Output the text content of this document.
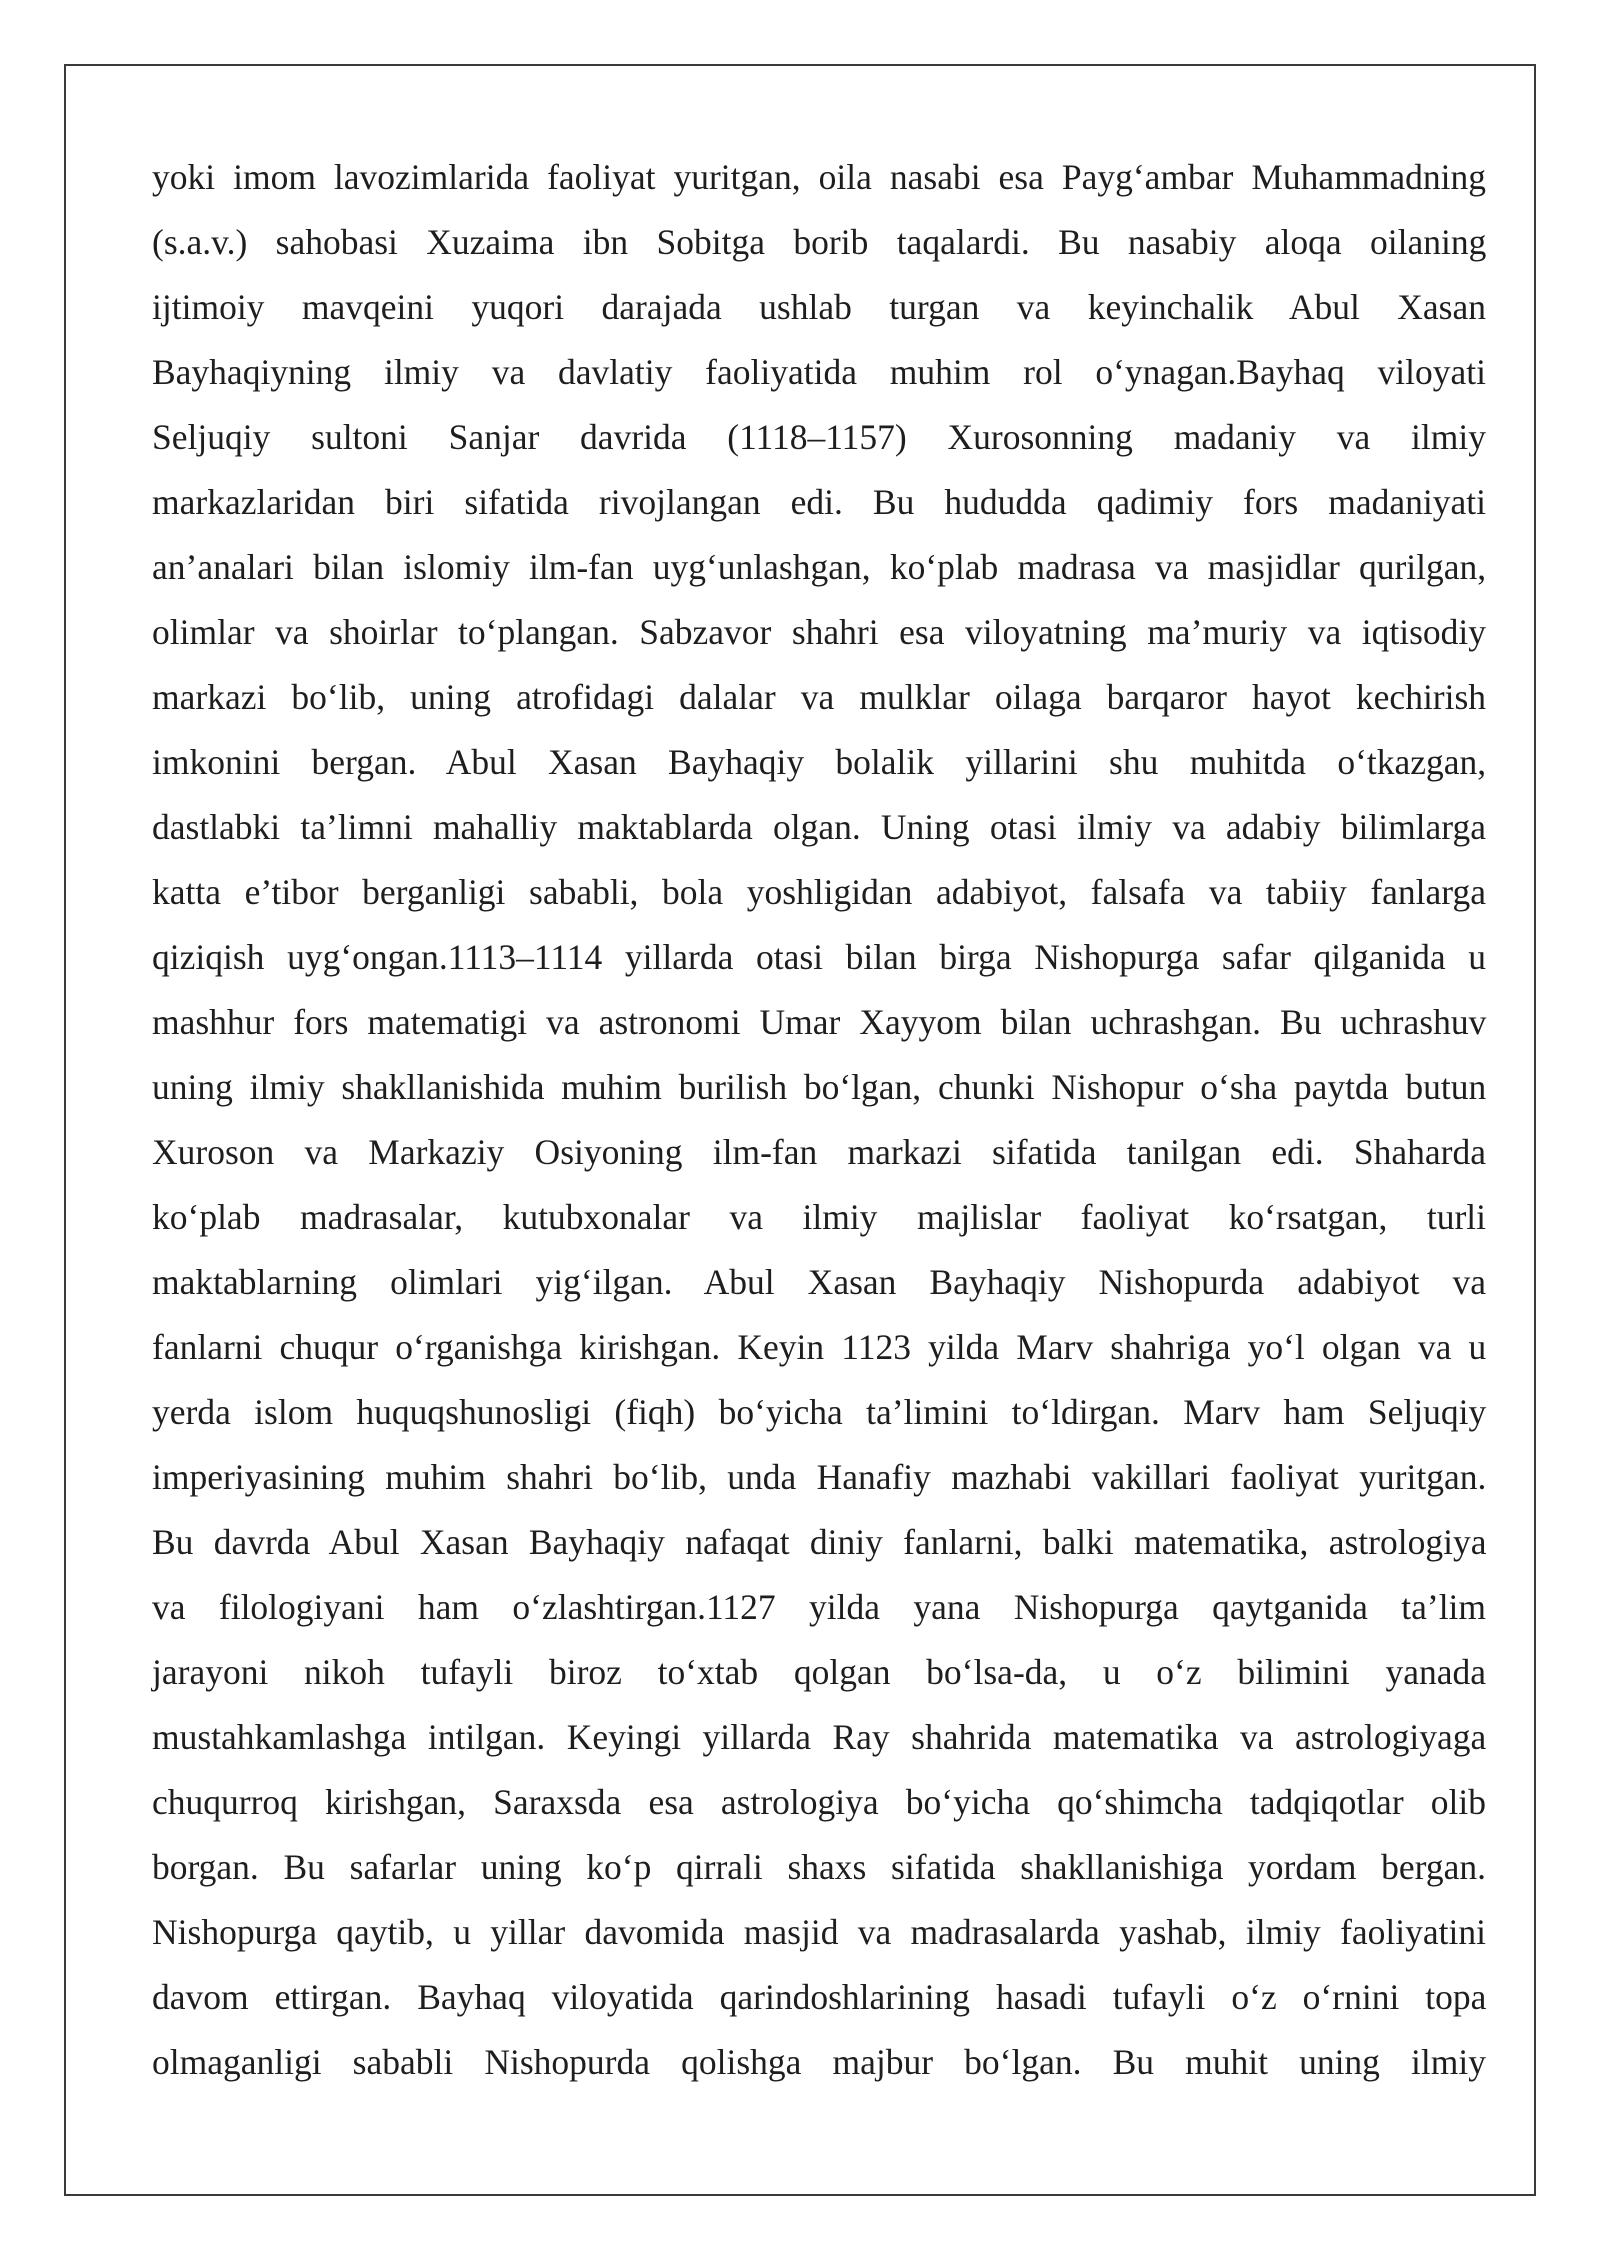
yoki imom lavozimlarida faoliyat yuritgan, oila nasabi esa Payg‘ambar Muhammadning
(s.a.v.) sahobasi Xuzaima ibn Sobitga borib taqalardi. Bu nasabiy aloqa oilaning
ijtimoiy mavqeini yuqori darajada ushlab turgan va keyinchalik Abul Xasan
Bayhaqiyning ilmiy va davlatiy faoliyatida muhim rol o‘ynagan.Bayhaq viloyati
Seljuqiy sultoni Sanjar davrida (1118–1157) Xurosonning madaniy va ilmiy
markazlaridan biri sifatida rivojlangan edi. Bu hududda qadimiy fors madaniyati
an’analari bilan islomiy ilm-fan uyg‘unlashgan, ko‘plab madrasa va masjidlar qurilgan,
olimlar va shoirlar to‘plangan. Sabzavor shahri esa viloyatning ma’muriy va iqtisodiy
markazi bo‘lib, uning atrofidagi dalalar va mulklar oilaga barqaror hayot kechirish
imkonini bergan. Abul Xasan Bayhaqiy bolalik yillarini shu muhitda o‘tkazgan,
dastlabki ta’limni mahalliy maktablarda olgan. Uning otasi ilmiy va adabiy bilimlarga
katta e’tibor berganligi sababli, bola yoshligidan adabiyot, falsafa va tabiiy fanlarga
qiziqish uyg‘ongan.1113–1114 yillarda otasi bilan birga Nishopurga safar qilganida u
mashhur fors matematigi va astronomi Umar Xayyom bilan uchrashgan. Bu uchrashuv
uning ilmiy shakllanishida muhim burilish bo‘lgan, chunki Nishopur o‘sha paytda butun
Xuroson va Markaziy Osiyoning ilm-fan markazi sifatida tanilgan edi. Shaharda
ko‘plab madrasalar, kutubxonalar va ilmiy majlislar faoliyat ko‘rsatgan, turli
maktablarning olimlari yig‘ilgan. Abul Xasan Bayhaqiy Nishopurda adabiyot va
fanlarni chuqur o‘rganishga kirishgan. Keyin 1123 yilda Marv shahriga yo‘l olgan va u
yerda islom huquqshunosligi (fiqh) bo‘yicha ta’limini to‘ldirgan. Marv ham Seljuqiy
imperiyasining muhim shahri bo‘lib, unda Hanafiy mazhabi vakillari faoliyat yuritgan.
Bu davrda Abul Xasan Bayhaqiy nafaqat diniy fanlarni, balki matematika, astrologiya
va filologiyani ham o‘zlashtirgan.1127 yilda yana Nishopurga qaytganida ta’lim
jarayoni nikoh tufayli biroz to‘xtab qolgan bo‘lsa-da, u o‘z bilimini yanada
mustahkamlashga intilgan. Keyingi yillarda Ray shahrida matematika va astrologiyaga
chuqurroq kirishgan, Saraxsda esa astrologiya bo‘yicha qo‘shimcha tadqiqotlar olib
borgan. Bu safarlar uning ko‘p qirrali shaxs sifatida shakllanishiga yordam bergan.
Nishopurga qaytib, u yillar davomida masjid va madrasalarda yashab, ilmiy faoliyatini
davom ettirgan. Bayhaq viloyatida qarindoshlarining hasadi tufayli o‘z o‘rnini topa
olmaganligi sababli Nishopurda qolishga majbur bo‘lgan. Bu muhit uning ilmiy
